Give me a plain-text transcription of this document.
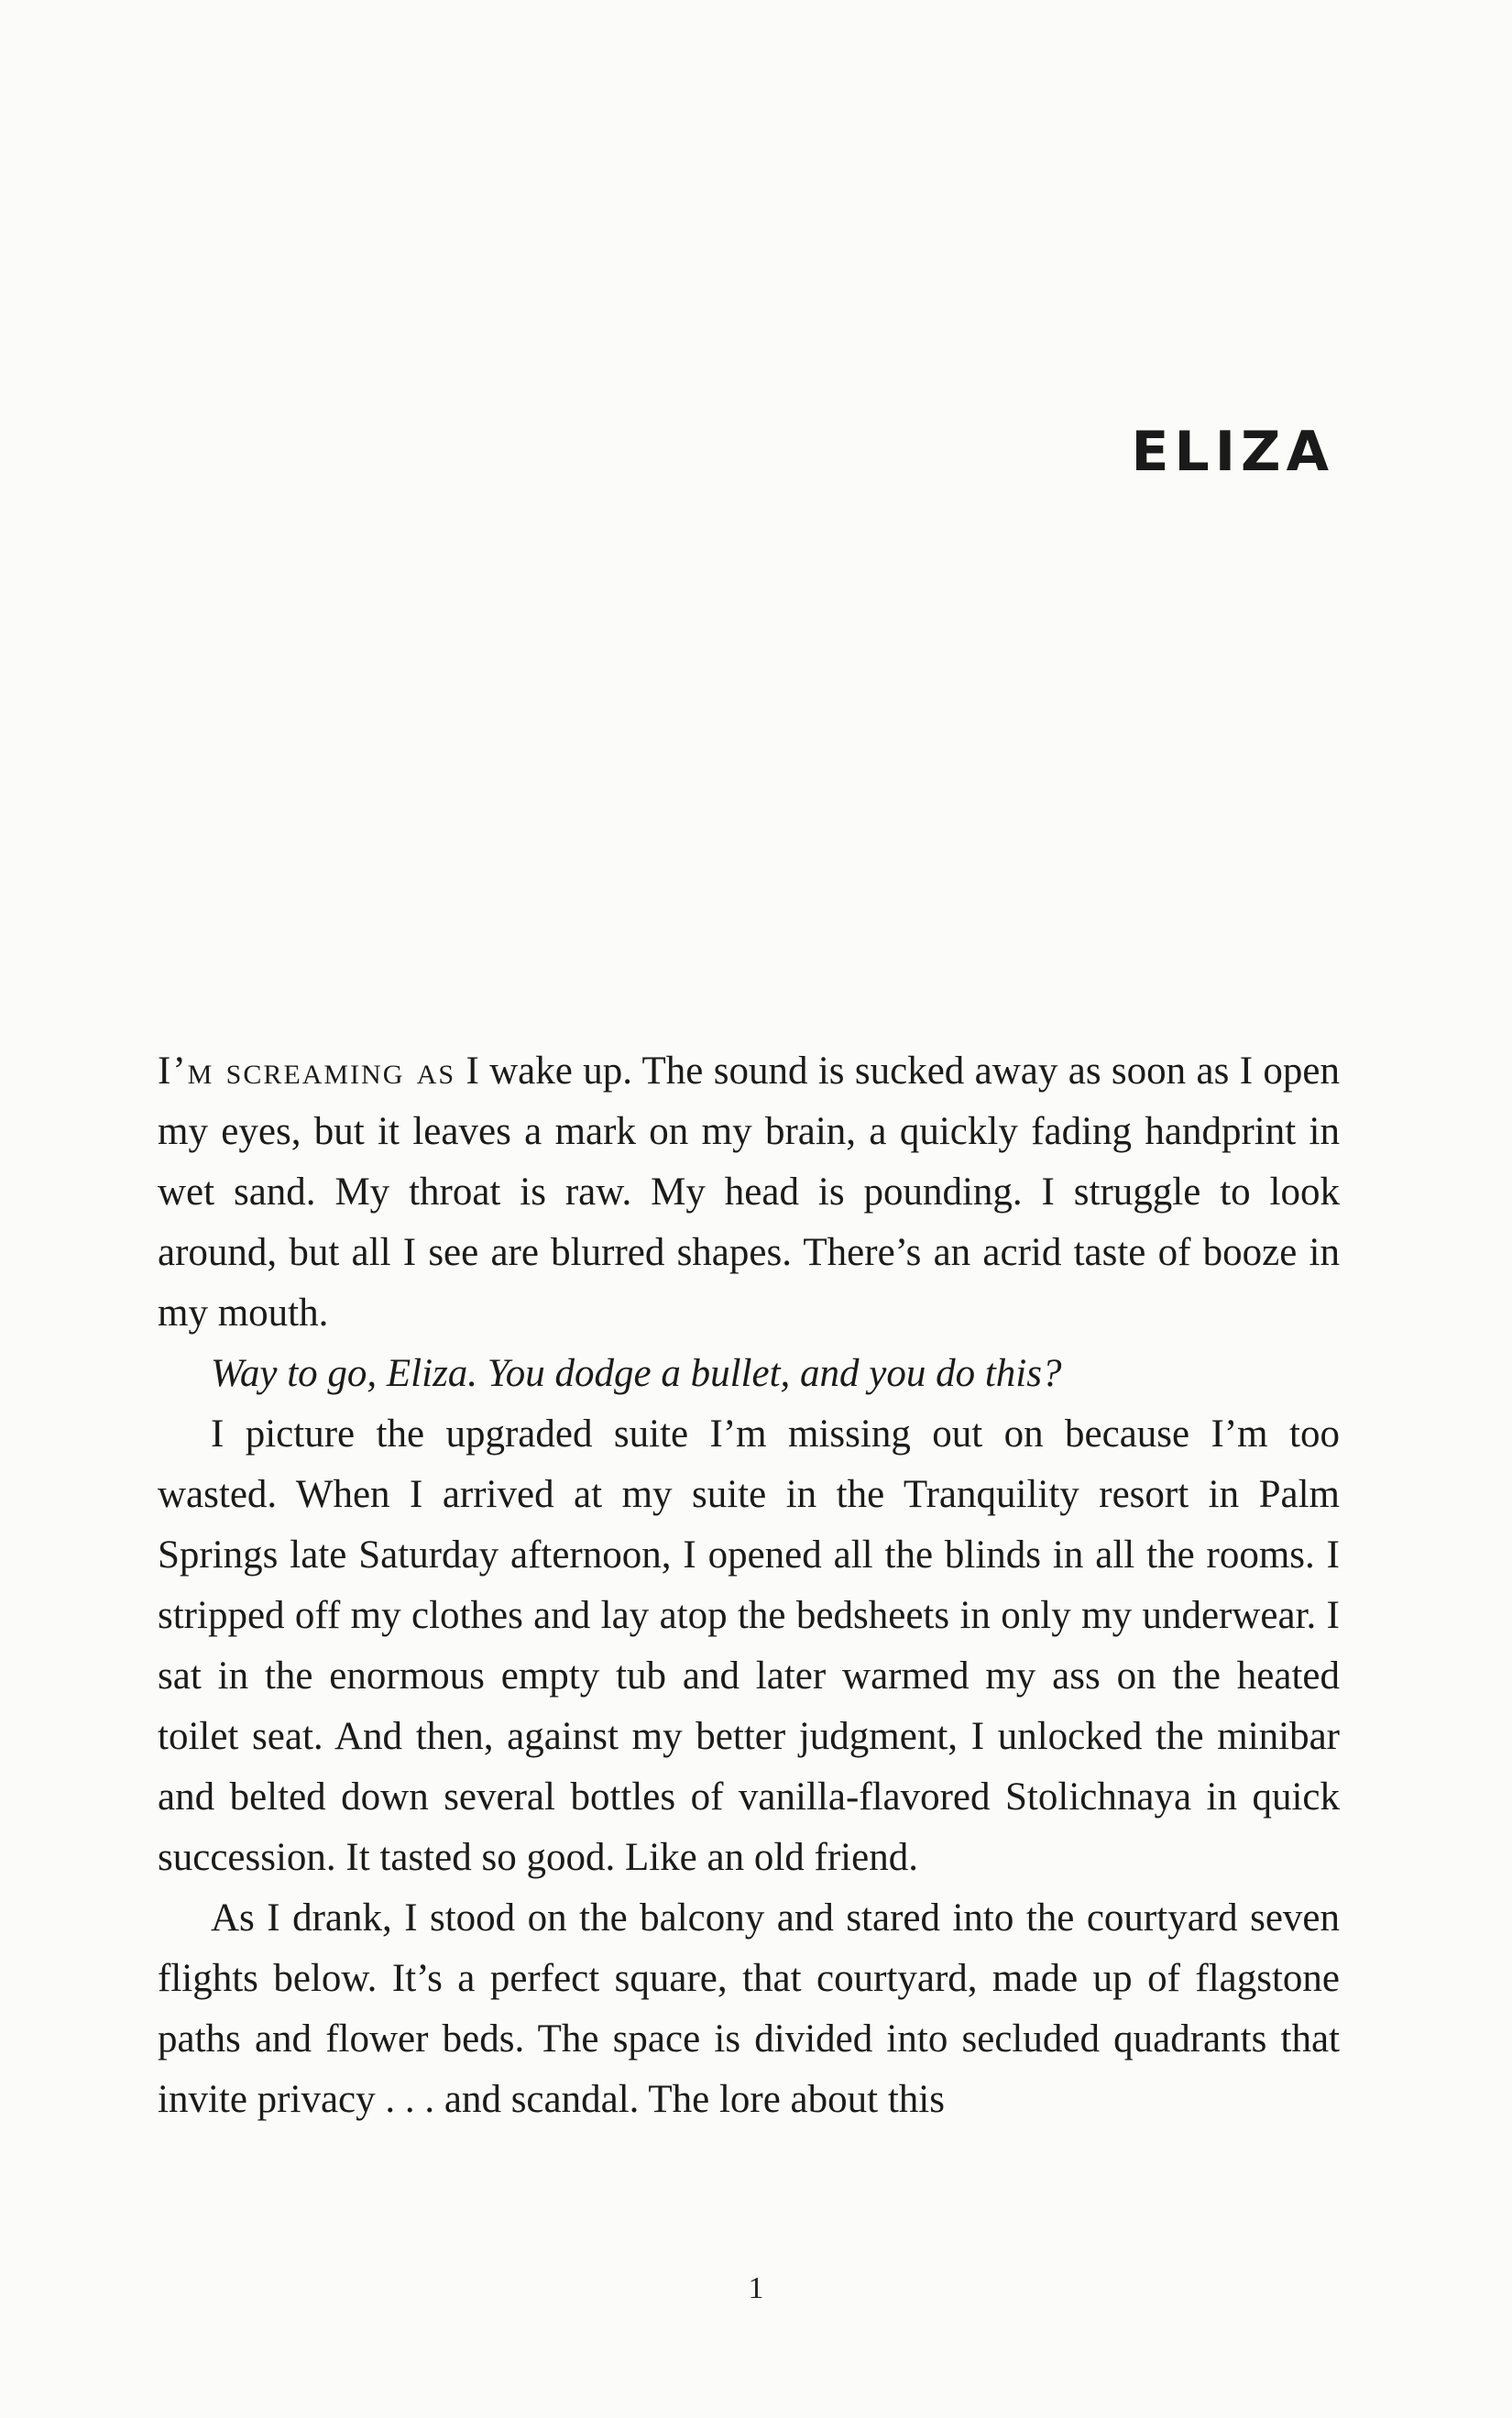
ELIZA

I’m screaming as I wake up. The sound is sucked away as soon as I open my eyes, but it leaves a mark on my brain, a quickly fading handprint in wet sand. My throat is raw. My head is pounding. I struggle to look around, but all I see are blurred shapes. There’s an acrid taste of booze in my mouth.

Way to go, Eliza. You dodge a bullet, and you do this?

I picture the upgraded suite I’m missing out on because I’m too wasted. When I arrived at my suite in the Tranquility resort in Palm Springs late Saturday afternoon, I opened all the blinds in all the rooms. I stripped off my clothes and lay atop the bedsheets in only my underwear. I sat in the enormous empty tub and later warmed my ass on the heated toilet seat. And then, against my better judgment, I unlocked the minibar and belted down several bottles of vanilla-flavored Stolichnaya in quick succession. It tasted so good. Like an old friend.

As I drank, I stood on the balcony and stared into the courtyard seven flights below. It’s a perfect square, that courtyard, made up of flagstone paths and flower beds. The space is divided into secluded quadrants that invite privacy . . . and scandal. The lore about this

1
